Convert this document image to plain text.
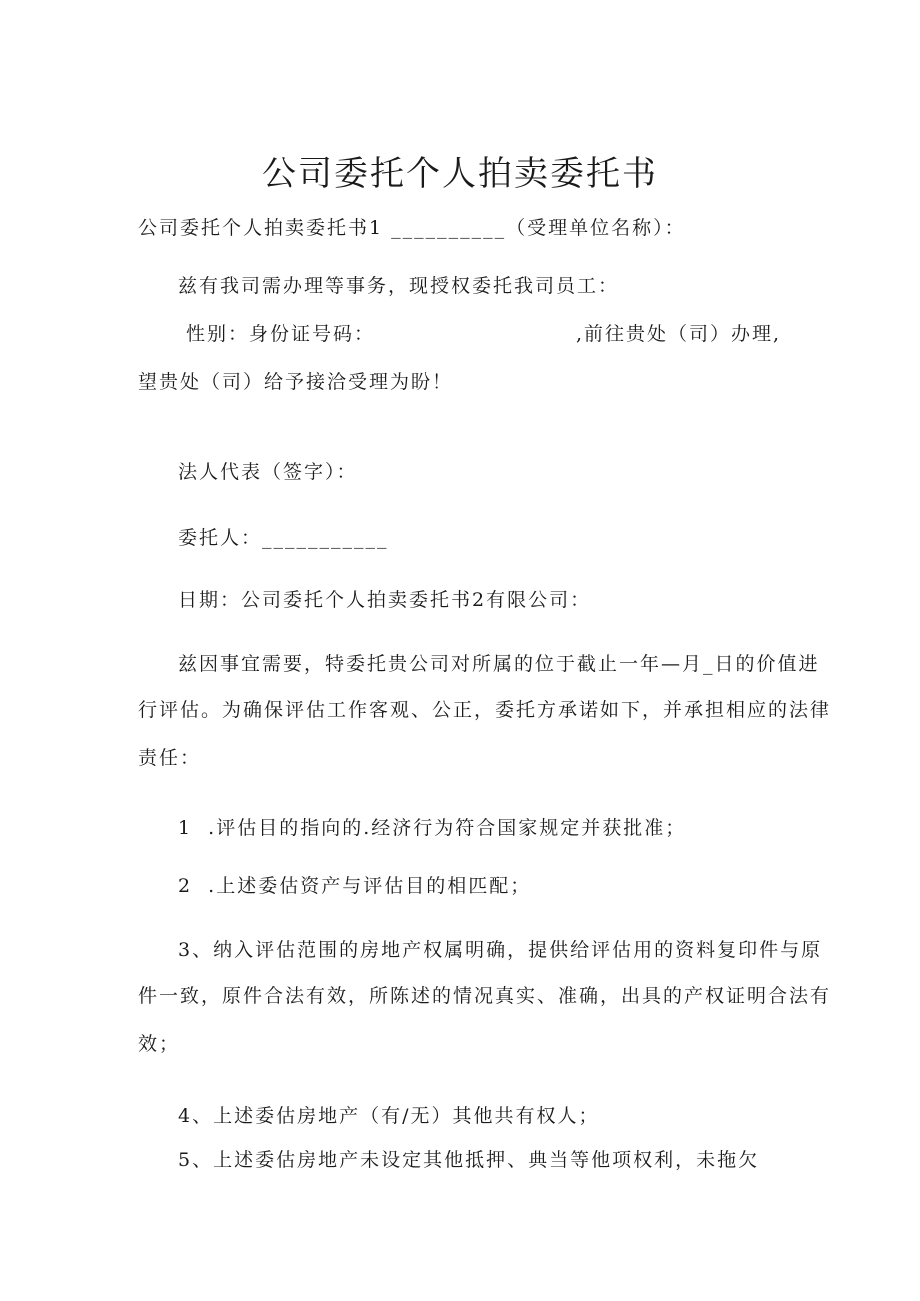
公司委托个人拍卖委托书
公司委托个人拍卖委托书1 __________（受理单位名称）：
兹有我司需办理等事务，现授权委托我司员工：
性别：身份证号码：                         ,前往贵处（司）办理,
望贵处（司）给予接洽受理为盼！
法人代表（签字）：
委托人：___________
日期：公司委托个人拍卖委托书2有限公司：
兹因事宜需要，特委托贵公司对所属的位于截止一年—月_日的价值进
行评估。为确保评估工作客观、公正，委托方承诺如下，并承担相应的法律
责任：
1  .评估目的指向的.经济行为符合国家规定并获批准；
2  .上述委估资产与评估目的相匹配；
3、纳入评估范围的房地产权属明确，提供给评估用的资料复印件与原
件一致，原件合法有效，所陈述的情况真实、准确，出具的产权证明合法有
效；
4、上述委估房地产（有/无）其他共有权人；
5、上述委估房地产未设定其他抵押、典当等他项权利，未拖欠
